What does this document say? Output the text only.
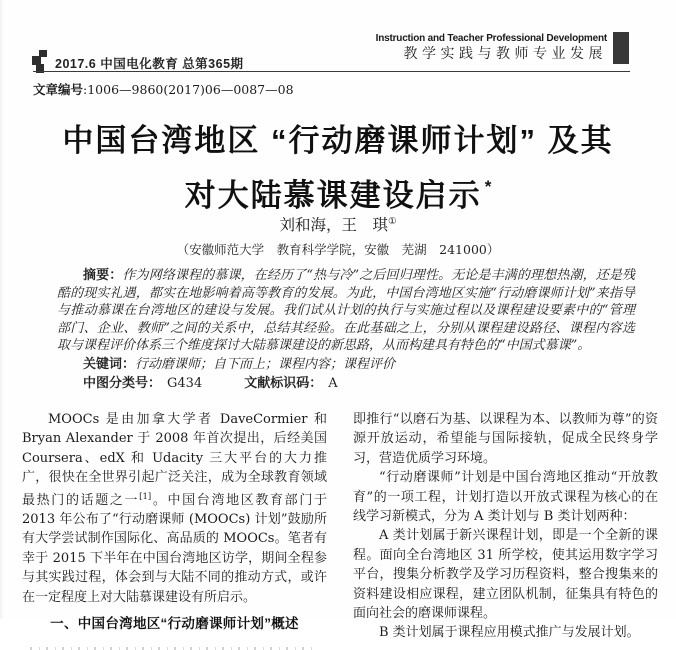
2017.6 中国电化教育 总第365期
Instruction and Teacher Professional Development
教学实践与教师专业发展
文章编号:1006—9860(2017)06—0087—08
中国台湾地区 “行动磨课师计划” 及其
对大陆慕课建设启示 *
刘和海，王　琪①
（安徽师范大学　教育科学学院，安徽　芜湖　241000）

摘要：作为网络课程的慕课，在经历了“热与冷”之后回归理性。无论是丰满的理想热潮，还是残酷的现实礼遇，都实在地影响着高等教育的发展。为此，中国台湾地区实施“行动磨课师计划”来指导与推动慕课在台湾地区的建设与发展。我们试从计划的执行与实施过程以及课程建设要素中的“管理部门、企业、教师”之间的关系中，总结其经验。在此基础之上，分别从课程建设路径、课程内容选取与课程评价体系三个维度探讨大陆慕课建设的新思路，从而构建具有特色的“中国式慕课”。

关键词：行动磨课师；自下而上；课程内容；课程评价

中图分类号： G434	文献标识码： A

MOOCs 是由加拿大学者 DaveCormier 和 Bryan Alexander 于 2008 年首次提出，后经美国 Coursera、edX 和 Udacity 三大平台的大力推广，很快在全世界引起广泛关注，成为全球教育领域最热门的话题之一[1]。中国台湾地区教育部门于 2013 年公布了“行动磨课师 (MOOCs) 计划”鼓励所有大学尝试制作国际化、高品质的 MOOCs。笔者有幸于 2015 下半年在中国台湾地区访学，期间全程参与其实践过程，体会到与大陆不同的推动方式，或许在一定程度上对大陆慕课建设有所启示。

一、中国台湾地区“行动磨课师计划”概述

即推行“以磨石为基、以课程为本、以教师为尊”的资源开放运动，希望能与国际接轨，促成全民终身学习，营造优质学习环境。

“行动磨课师”计划是中国台湾地区推动“开放教育”的一项工程，计划打造以开放式课程为核心的在线学习新模式，分为 A 类计划与 B 类计划两种：

A 类计划属于新兴课程计划，即是一个全新的课程。面向全台湾地区 31 所学校，使其运用数字学习平台，搜集分析教学及学习历程资料，整合搜集来的资料建设相应课程，建立团队机制，征集具有特色的面向社会的磨课师课程。

B 类计划属于课程应用模式推广与发展计划。
